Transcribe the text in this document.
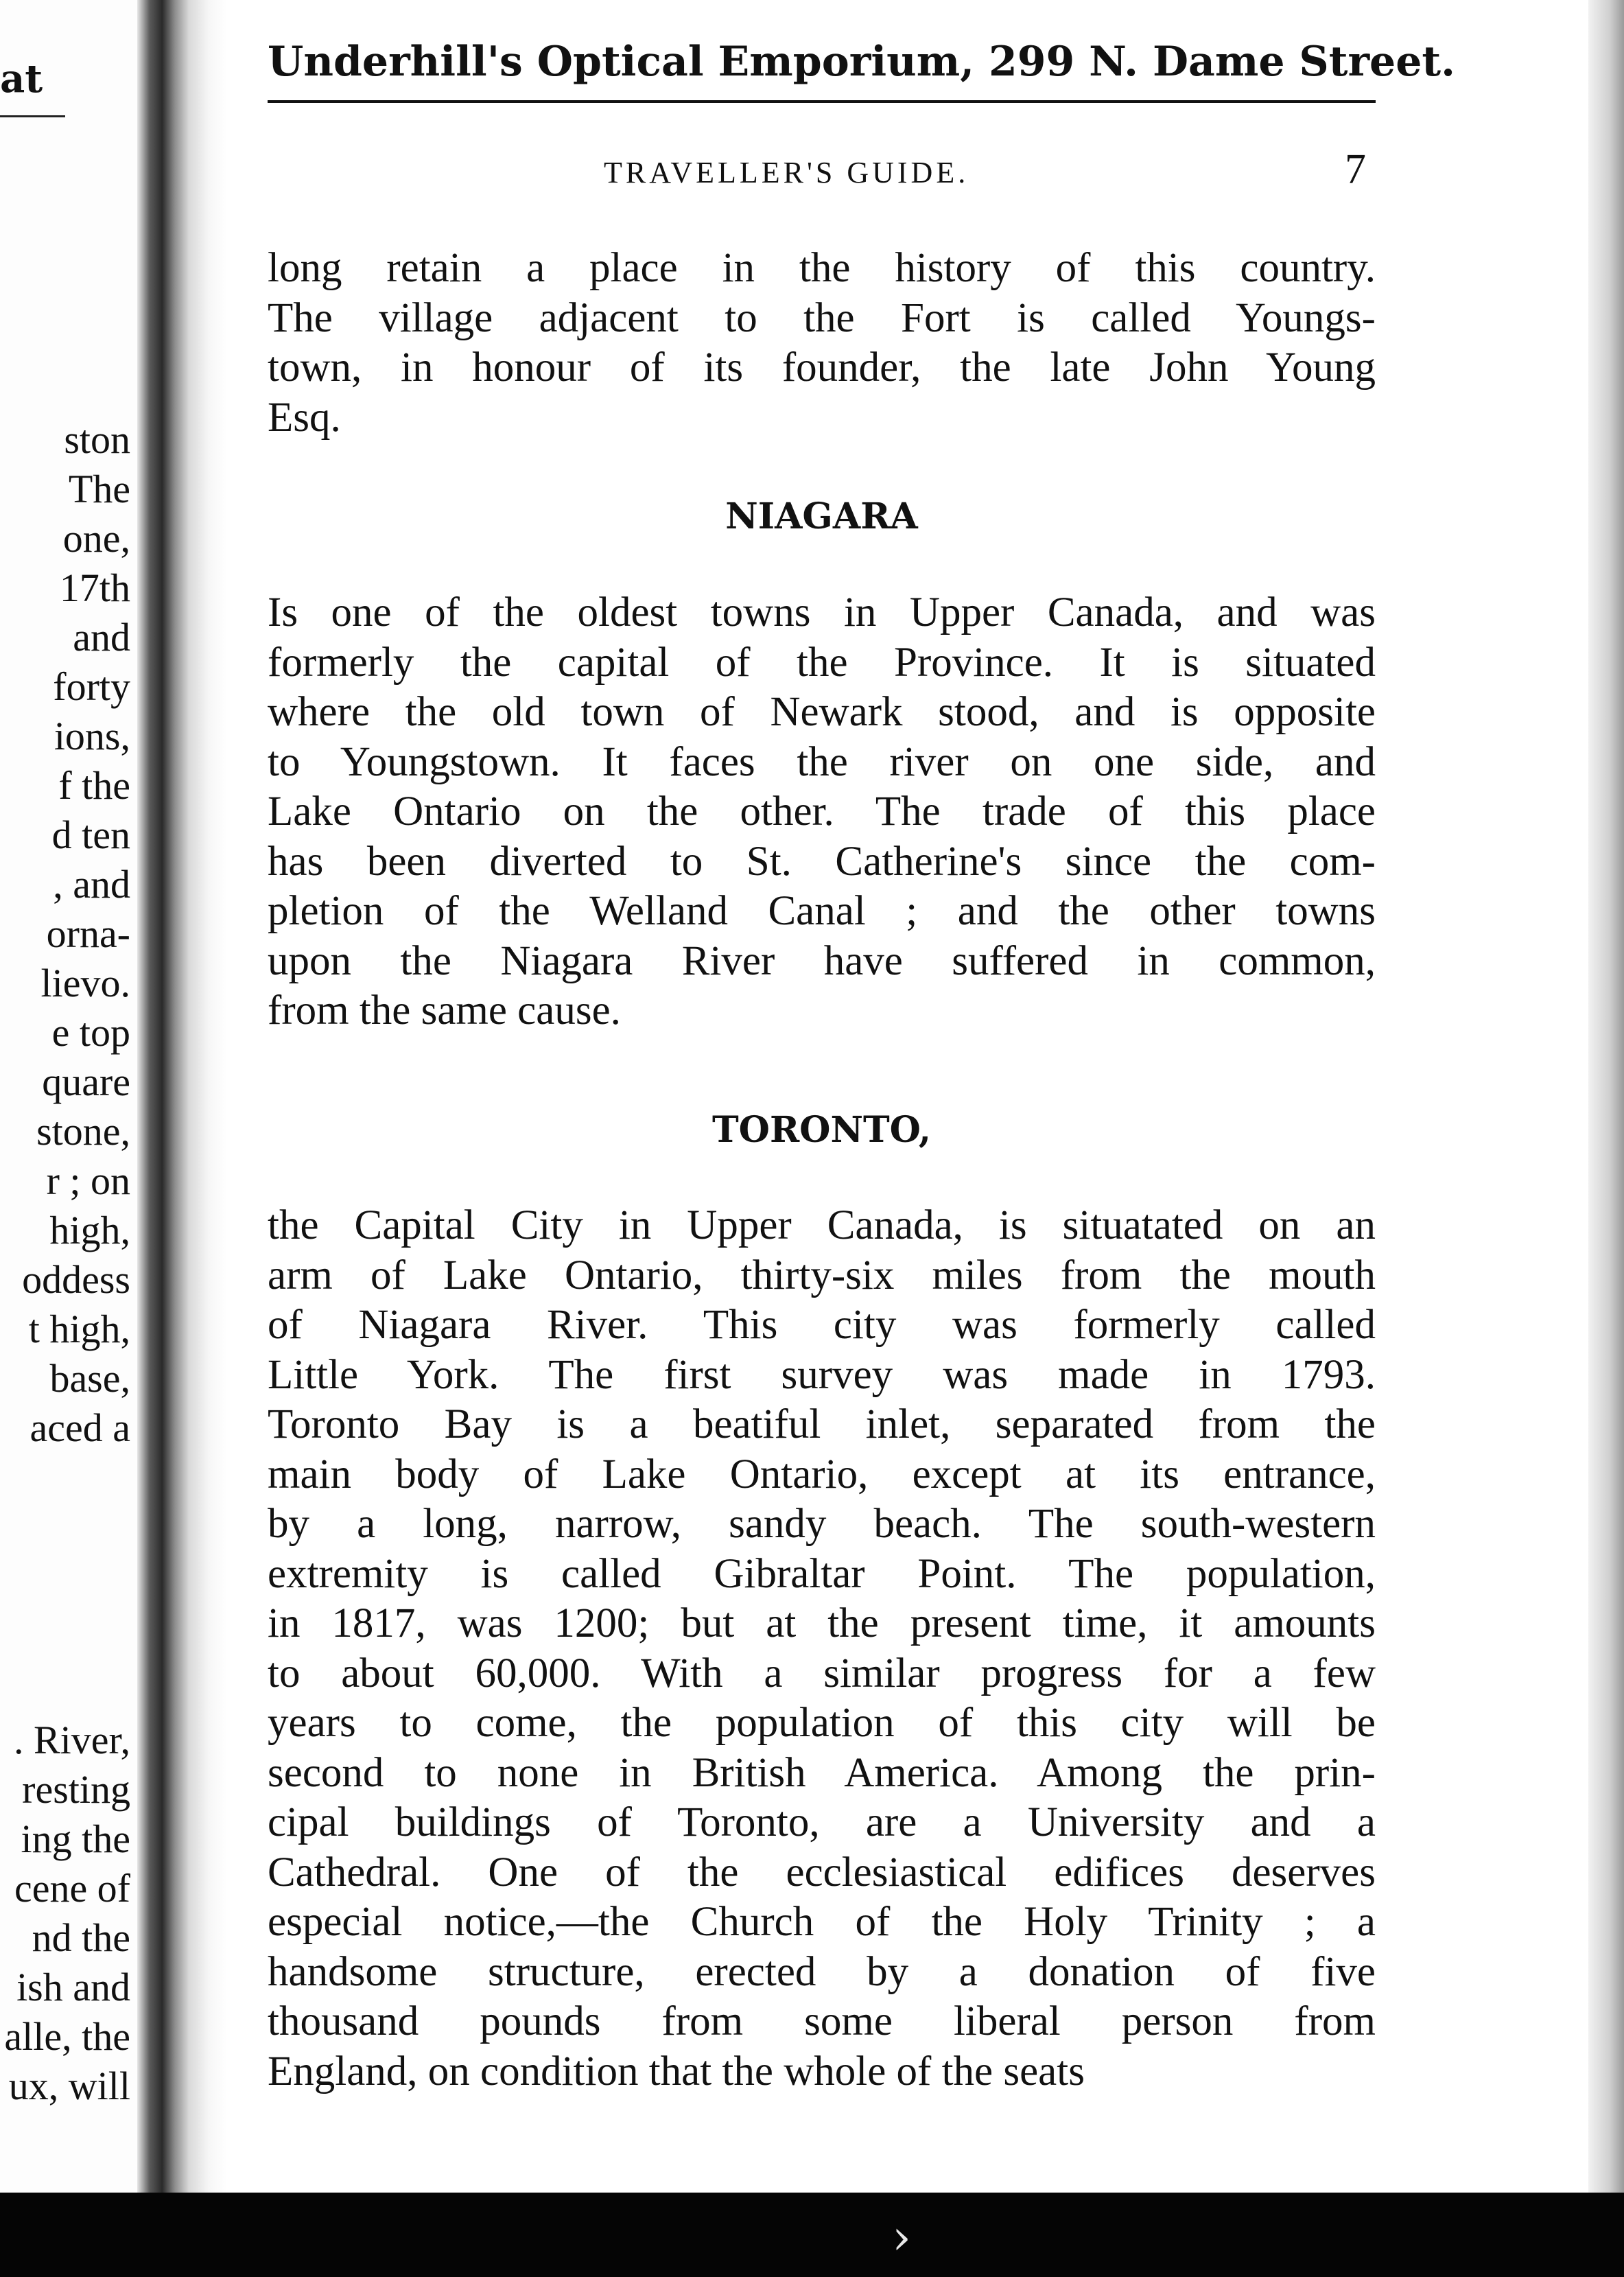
at
ston
The
one,
17th
and
forty
ions,
f the
d ten
, and
orna-
lievo.
e top
quare
stone,
r ; on
high,
oddess
t high,
base,
aced a
. River,
resting
ing the
cene of
nd the
ish and
alle, the
ux, will
Underhill's Optical Emporium, 299 N. Dame Street.
TRAVELLER'S GUIDE.	7
long retain a place in the history of this country.
The village adjacent to the Fort is called Youngs-
town, in honour of its founder, the late John Young
Esq.
NIAGARA
Is one of the oldest towns in Upper Canada, and was
formerly the capital of the Province. It is situated
where the old town of Newark stood, and is opposite
to Youngstown. It faces the river on one side, and
Lake Ontario on the other. The trade of this place
has been diverted to St. Catherine's since the com-
pletion of the Welland Canal ; and the other towns
upon the Niagara River have suffered in common,
from the same cause.
TORONTO,
the Capital City in Upper Canada, is situatated on an
arm of Lake Ontario, thirty-six miles from the mouth
of Niagara River. This city was formerly called
Little York. The first survey was made in 1793.
Toronto Bay is a beatiful inlet, separated from the
main body of Lake Ontario, except at its entrance,
by a long, narrow, sandy beach. The south-western
extremity is called Gibraltar Point. The population,
in 1817, was 1200; but at the present time, it amounts
to about 60,000. With a similar progress for a few
years to come, the population of this city will be
second to none in British America. Among the prin-
cipal buildings of Toronto, are a University and a
Cathedral. One of the ecclesiastical edifices deserves
especial notice,—the Church of the Holy Trinity ; a
handsome structure, erected by a donation of five
thousand pounds from some liberal person from
England, on condition that the whole of the seats
›
